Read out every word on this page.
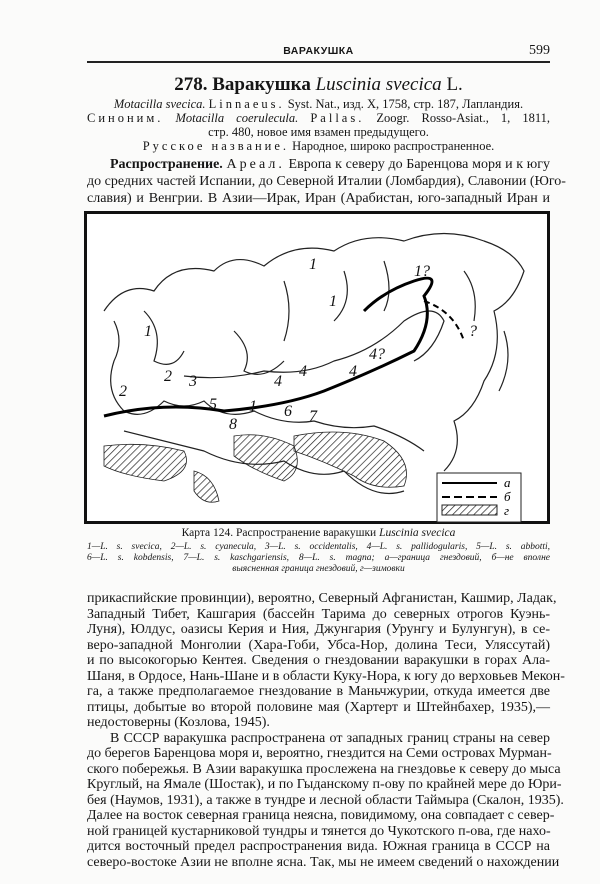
ВАРАКУШКА	599
278. Варакушка Luscinia svecica L.
Motacilla svecica. Linnaeus. Syst. Nat., изд. X, 1758, стр. 187, Лапландия.
Синоним. Motacilla coerulecula. Pallas. Zoogr. Rosso-Asiat., 1, 1811,
стр. 480, новое имя взамен предыдущего.
Русское название. Народное, широко распространенное.
Распространение. Ареал. Европа к северу до Баренцова моря и к югу
до средних частей Испании, до Северной Италии (Ломбардия), Славонии (Юго-
славия) и Венгрии. В Азии—Ирак, Иран (Арабистан, юго-западный Иран и
1
1
1
1
2
2
3	4
4	4
4?
5	6 7
8
1?
?
а
б
г
Карта 124. Распространение варакушки Luscinia svecica
1—L. s. svecica, 2—L. s. cyanecula, 3—L. s. occidentalis, 4—L. s. pallidogularis, 5—L. s. abbotti,
6—L. s. kobdensis, 7—L. s. kaschgariensis, 8—L. s. magna; а—граница гнездовий, б—не вполне
выясненная граница гнездовий, г—зимовки
прикаспийские провинции), вероятно, Северный Афганистан, Кашмир, Ладак,
Западный Тибет, Кашгария (бассейн Тарима до северных отрогов Куэнь-
Луня), Юлдус, оазисы Керия и Ния, Джунгария (Урунгу и Булунгун), в се-
веро-западной Монголии (Хара-Гоби, Убса-Нор, долина Теси, Уляссутай)
и по высокогорью Кентея. Сведения о гнездовании варакушки в горах Ала-
Шаня, в Ордосе, Нань-Шане и в области Куку-Нора, к югу до верховьев Мекон-
га, а также предполагаемое гнездование в Маньчжурии, откуда имеется две
птицы, добытые во второй половине мая (Хартерт и Штейнбахер, 1935),—
недостоверны (Козлова, 1945).
В СССР варакушка распространена от западных границ страны на север
до берегов Баренцова моря и, вероятно, гнездится на Семи островах Мурман-
ского побережья. В Азии варакушка прослежена на гнездовье к северу до мыса
Круглый, на Ямале (Шостак), и по Гыданскому п-ову по крайней мере до Юри-
бея (Наумов, 1931), а также в тундре и лесной области Таймыра (Скалон, 1935).
Далее на восток северная граница неясна, повидимому, она совпадает с север-
ной границей кустарниковой тундры и тянется до Чукотского п-ова, где нахо-
дится восточный предел распространения вида. Южная граница в СССР на
северо-востоке Азии не вполне ясна. Так, мы не имеем сведений о нахождении
